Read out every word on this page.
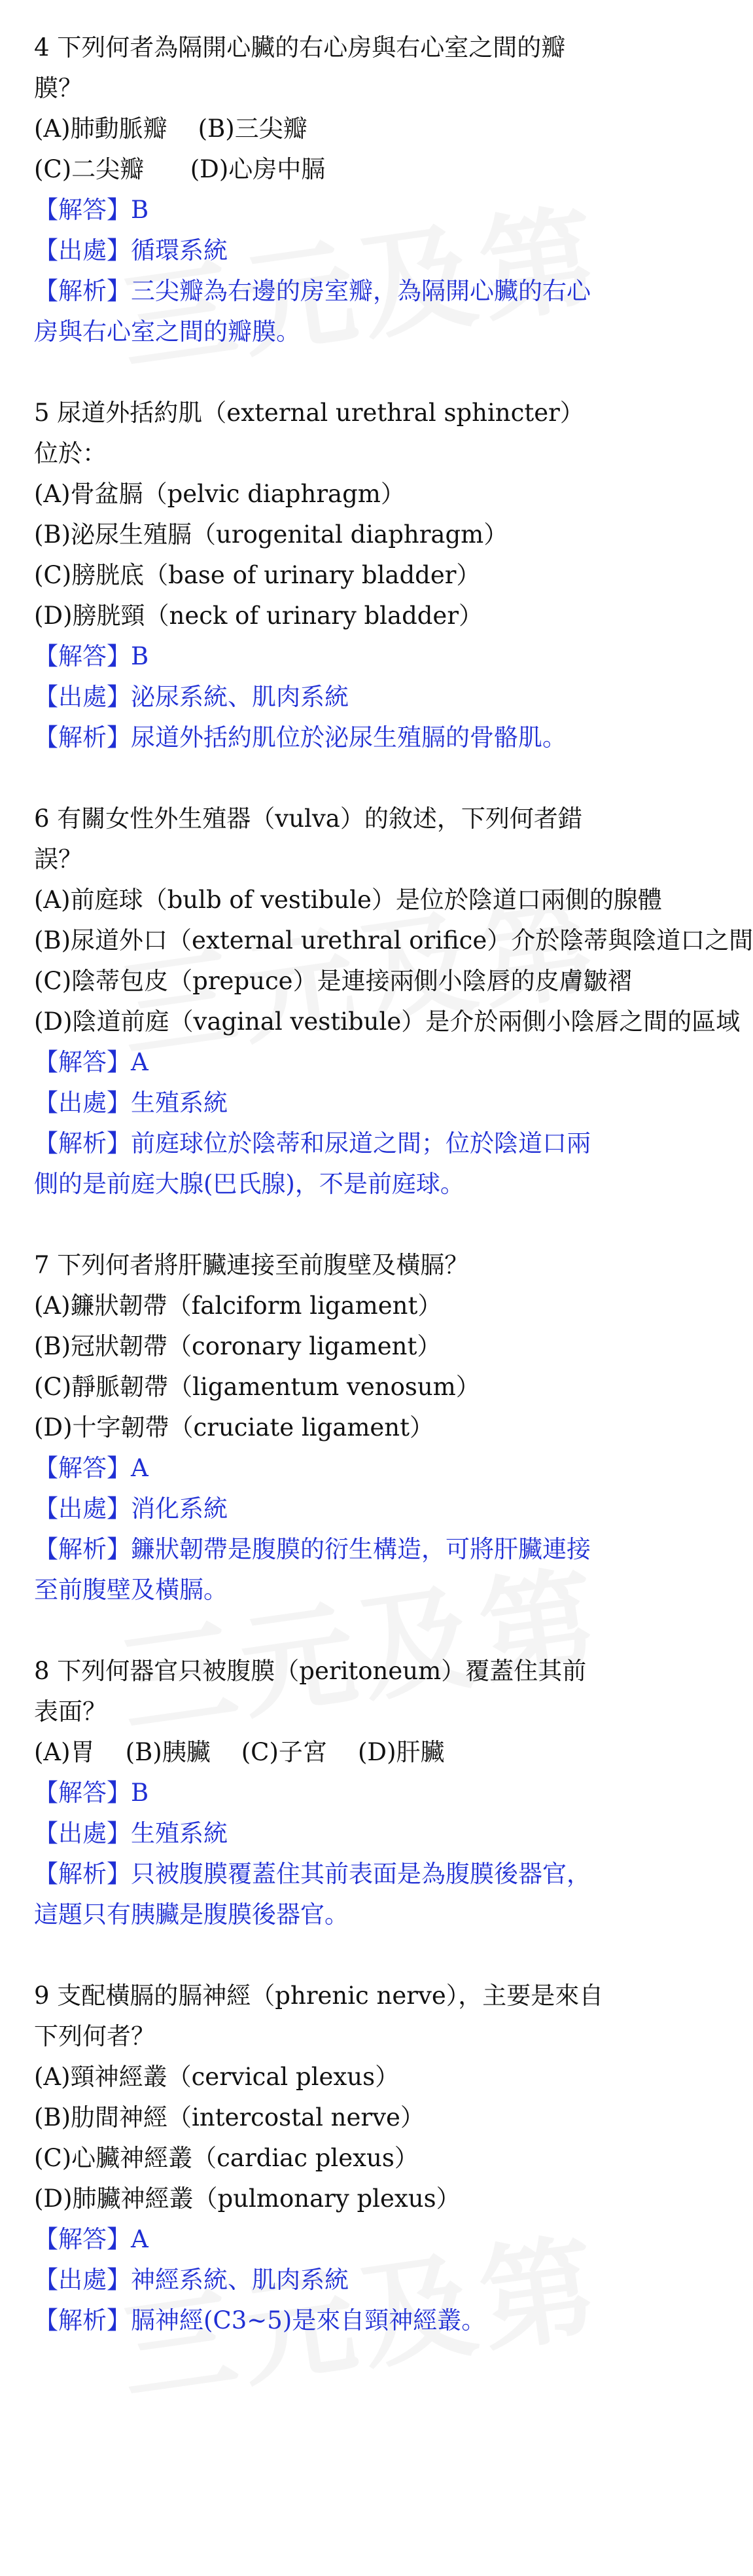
4 下列何者為隔開心臟的右心房與右心室之間的瓣膜？
(A)肺動脈瓣    (B)三尖瓣
(C)二尖瓣      (D)心房中膈
【解答】B
【出處】循環系統
【解析】三尖瓣為右邊的房室瓣，為隔開心臟的右心房與右心室之間的瓣膜。
5 尿道外括約肌（external urethral sphincter）位於：
(A)骨盆膈（pelvic diaphragm）
(B)泌尿生殖膈（urogenital diaphragm）
(C)膀胱底（base of urinary bladder）
(D)膀胱頸（neck of urinary bladder）
【解答】B
【出處】泌尿系統、肌肉系統
【解析】尿道外括約肌位於泌尿生殖膈的骨骼肌。
6 有關女性外生殖器（vulva）的敘述，下列何者錯誤？
(A)前庭球（bulb of vestibule）是位於陰道口兩側的腺體
(B)尿道外口（external urethral orifice）介於陰蒂與陰道口之間
(C)陰蒂包皮（prepuce）是連接兩側小陰唇的皮膚皺褶
(D)陰道前庭（vaginal vestibule）是介於兩側小陰唇之間的區域
【解答】A
【出處】生殖系統
【解析】前庭球位於陰蒂和尿道之間；位於陰道口兩側的是前庭大腺(巴氏腺)，不是前庭球。
7 下列何者將肝臟連接至前腹壁及橫膈？
(A)鐮狀韌帶（falciform ligament）
(B)冠狀韌帶（coronary ligament）
(C)靜脈韌帶（ligamentum venosum）
(D)十字韌帶（cruciate ligament）
【解答】A
【出處】消化系統
【解析】鐮狀韌帶是腹膜的衍生構造，可將肝臟連接至前腹壁及橫膈。
8 下列何器官只被腹膜（peritoneum）覆蓋住其前表面？
(A)胃    (B)胰臟    (C)子宮    (D)肝臟
【解答】B
【出處】生殖系統
【解析】只被腹膜覆蓋住其前表面是為腹膜後器官，這題只有胰臟是腹膜後器官。
9 支配橫膈的膈神經（phrenic nerve），主要是來自下列何者？
(A)頸神經叢（cervical plexus）
(B)肋間神經（intercostal nerve）
(C)心臟神經叢（cardiac plexus）
(D)肺臟神經叢（pulmonary plexus）
【解答】A
【出處】神經系統、肌肉系統
【解析】膈神經(C3~5)是來自頸神經叢。
